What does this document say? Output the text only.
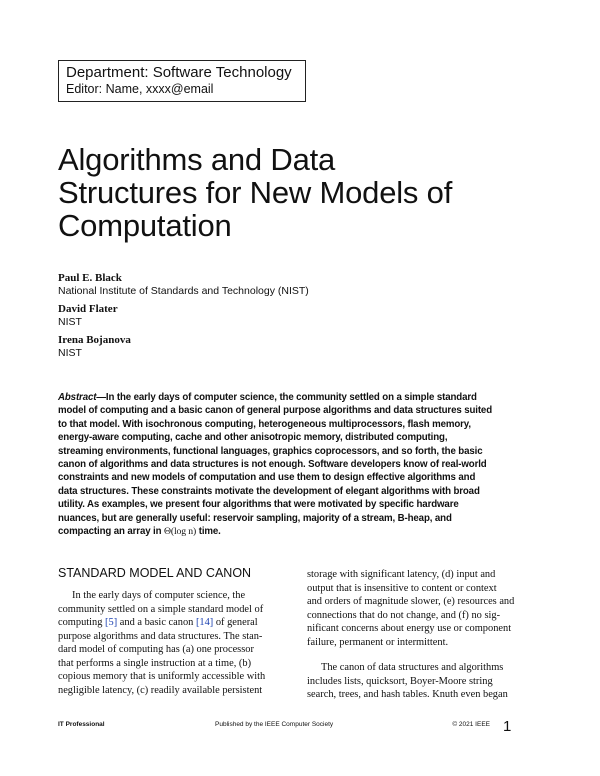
Department: Software Technology
Editor: Name, xxxx@email
Algorithms and Data
Structures for New Models of
Computation
Paul E. Black
National Institute of Standards and Technology (NIST)
David Flater
NIST
Irena Bojanova
NIST
Abstract—In the early days of computer science, the community settled on a simple standard
model of computing and a basic canon of general purpose algorithms and data structures suited
to that model. With isochronous computing, heterogeneous multiprocessors, flash memory,
energy-aware computing, cache and other anisotropic memory, distributed computing,
streaming environments, functional languages, graphics coprocessors, and so forth, the basic
canon of algorithms and data structures is not enough. Software developers know of real-world
constraints and new models of computation and use them to design effective algorithms and
data structures. These constraints motivate the development of elegant algorithms with broad
utility. As examples, we present four algorithms that were motivated by specific hardware
nuances, but are generally useful: reservoir sampling, majority of a stream, B-heap, and
compacting an array in Θ(log n) time.
STANDARD MODEL AND CANON
In the early days of computer science, the
community settled on a simple standard model of
computing [5] and a basic canon [14] of general
purpose algorithms and data structures. The stan-
dard model of computing has (a) one processor
that performs a single instruction at a time, (b)
copious memory that is uniformly accessible with
negligible latency, (c) readily available persistent
storage with significant latency, (d) input and
output that is insensitive to content or context
and orders of magnitude slower, (e) resources and
connections that do not change, and (f) no sig-
nificant concerns about energy use or component
failure, permanent or intermittent.
The canon of data structures and algorithms
includes lists, quicksort, Boyer-Moore string
search, trees, and hash tables. Knuth even began
IT Professional	Published by the IEEE Computer Society	© 2021 IEEE 1
